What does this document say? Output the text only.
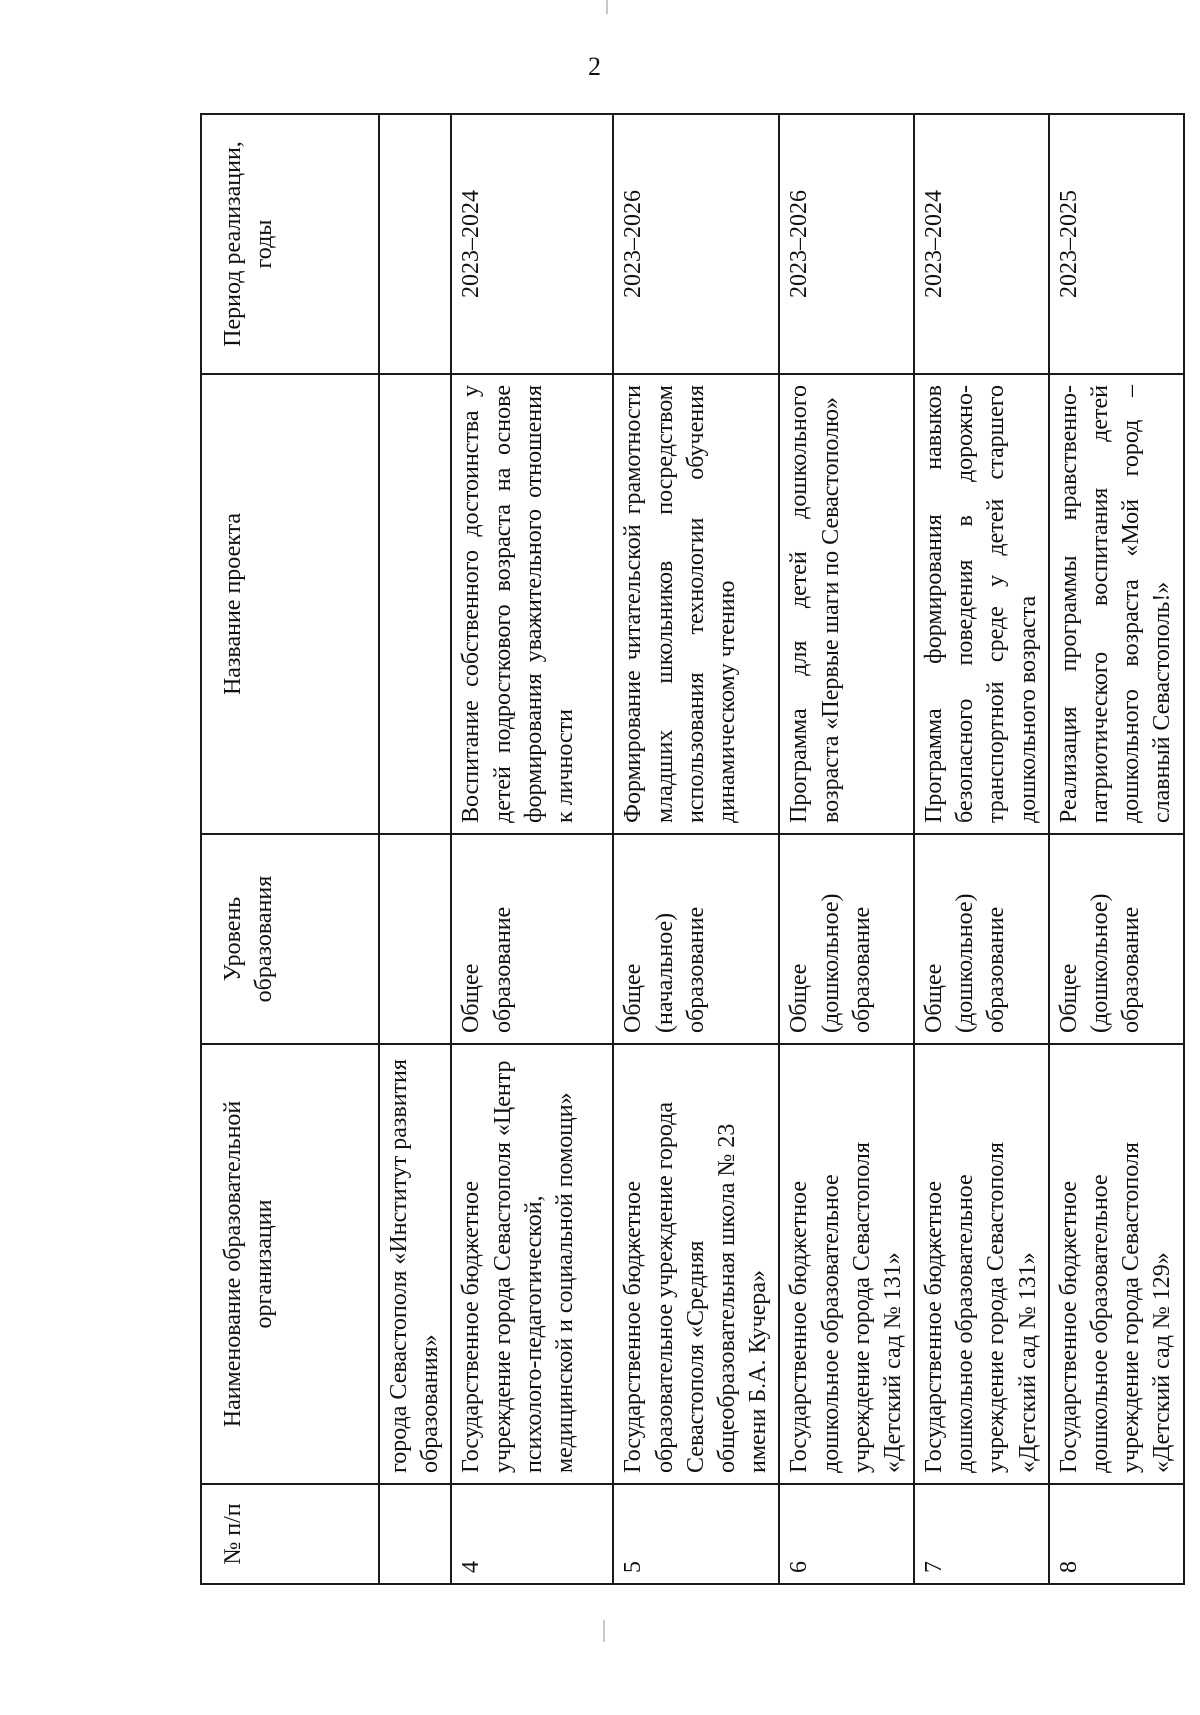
2
№ п/п	Наименование образовательной организации	Уровень образования	Название проекта	Период реализации, годы
	города Севастополя «Институт развития образования»			
4	Государственное бюджетное учреждение города Севастополя «Центр психолого-педагогической, медицинской и социальной помощи»	Общее образование	Воспитание собственного достоинства у детей подросткового возраста на основе формирования уважительного отношения к личности	2023–2024
5	Государственное бюджетное образовательное учреждение города Севастополя «Средняя общеобразовательная школа № 23 имени Б.А. Кучера»	Общее (начальное) образование	Формирование читательской грамотности младших школьников посредством использования технологии обучения динамическому чтению	2023–2026
6	Государственное бюджетное дошкольное образовательное учреждение города Севастополя «Детский сад № 131»	Общее (дошкольное) образование	Программа для детей дошкольного возраста «Первые шаги по Севастополю»	2023–2026
7	Государственное бюджетное дошкольное образовательное учреждение города Севастополя «Детский сад № 131»	Общее (дошкольное) образование	Программа формирования навыков безопасного поведения в дорожно-транспортной среде у детей старшего дошкольного возраста	2023–2024
8	Государственное бюджетное дошкольное образовательное учреждение города Севастополя «Детский сад № 129»	Общее (дошкольное) образование	Реализация программы нравственно-патриотического воспитания детей дошкольного возраста «Мой город – славный Севастополь!»	2023–2025
